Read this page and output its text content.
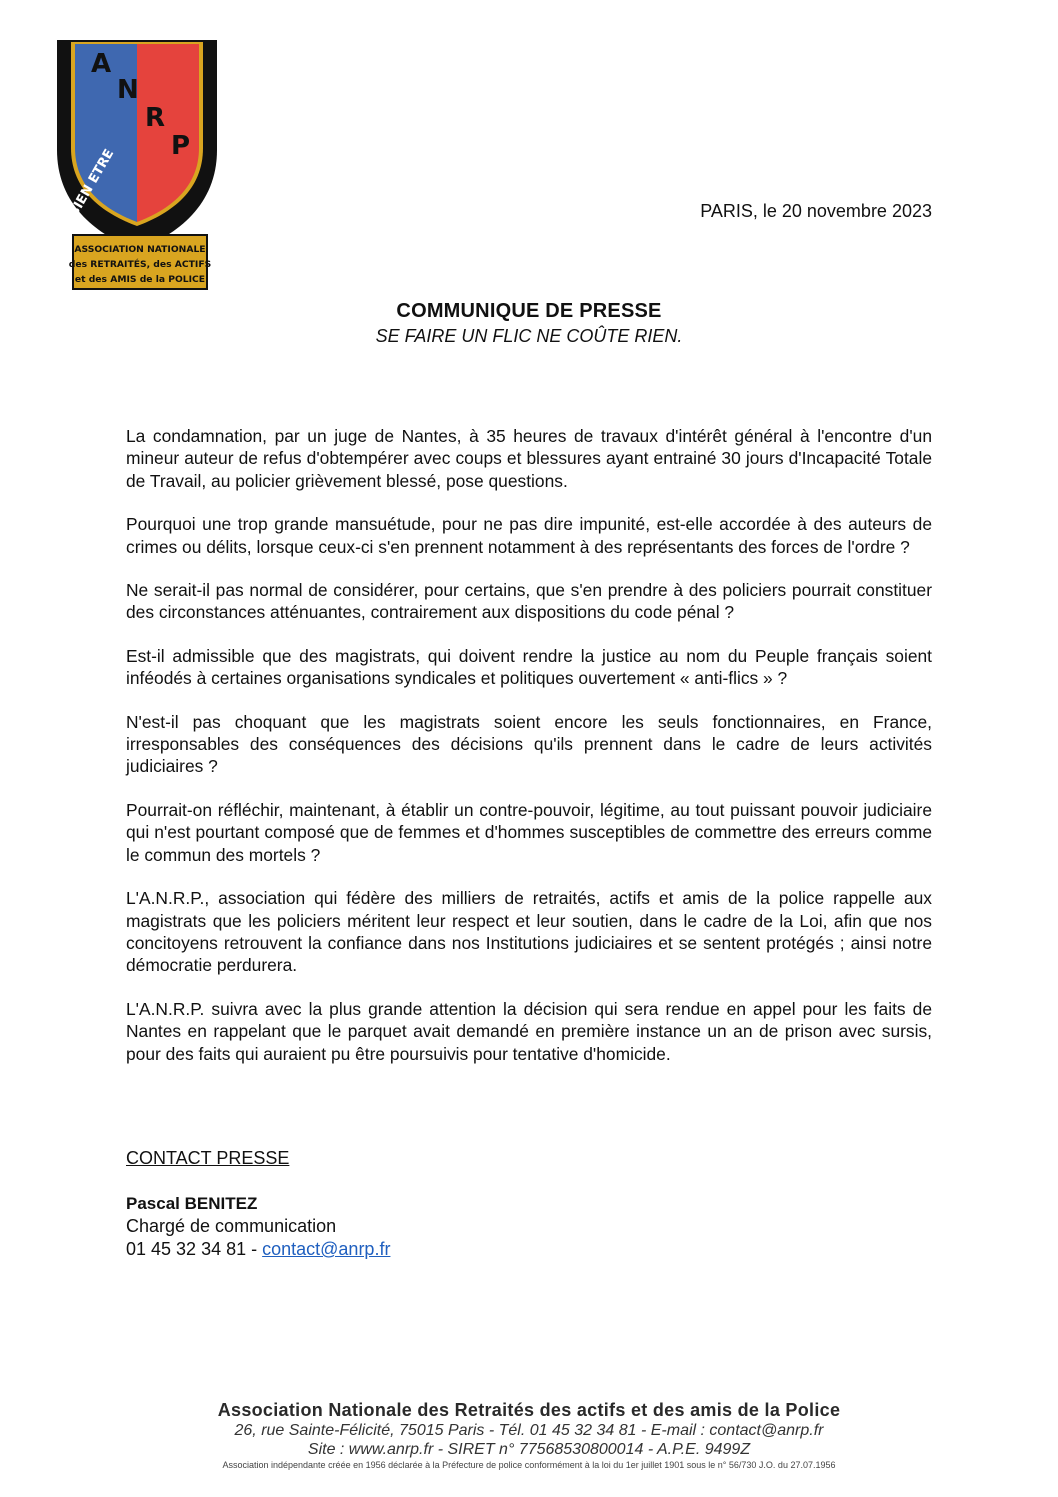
A
N
R
P
BIEN ETRE	SOLIDARITE
ASSOCIATION NATIONALE
des RETRAITÉS, des ACTIFS
et des AMIS de la POLICE
PARIS, le 20 novembre 2023
COMMUNIQUE DE PRESSE
SE FAIRE UN FLIC NE COÛTE RIEN.

La condamnation, par un juge de Nantes, à 35 heures de travaux d'intérêt général à l'encontre d'un mineur auteur de refus d'obtempérer avec coups et blessures ayant entrainé 30 jours d'Incapacité Totale de Travail, au policier grièvement blessé, pose questions.

Pourquoi une trop grande mansuétude, pour ne pas dire impunité, est-elle accordée à des auteurs de crimes ou délits, lorsque ceux-ci s'en prennent notamment à des représentants des forces de l'ordre ?

Ne serait-il pas normal de considérer, pour certains, que s'en prendre à des policiers pourrait constituer des circonstances atténuantes, contrairement aux dispositions du code pénal ?

Est-il admissible que des magistrats, qui doivent rendre la justice au nom du Peuple français soient inféodés à certaines organisations syndicales et politiques ouvertement « anti-flics » ?

N'est-il pas choquant que les magistrats soient encore les seuls fonctionnaires, en France, irresponsables des conséquences des décisions qu'ils prennent dans le cadre de leurs activités judiciaires ?

Pourrait-on réfléchir, maintenant, à établir un contre-pouvoir, légitime, au tout puissant pouvoir judiciaire qui n'est pourtant composé que de femmes et d'hommes susceptibles de commettre des erreurs comme le commun des mortels ?

L'A.N.R.P., association qui fédère des milliers de retraités, actifs et amis de la police rappelle aux magistrats que les policiers méritent leur respect et leur soutien, dans le cadre de la Loi, afin que nos concitoyens retrouvent la confiance dans nos Institutions judiciaires et se sentent protégés ; ainsi notre démocratie perdurera.

L'A.N.R.P. suivra avec la plus grande attention la décision qui sera rendue en appel pour les faits de Nantes en rappelant que le parquet avait demandé en première instance un an de prison avec sursis, pour des faits qui auraient pu être poursuivis pour tentative d'homicide.

CONTACT PRESSE
Pascal BENITEZ
Chargé de communication
01 45 32 34 81 - contact@anrp.fr
Association Nationale des Retraités des actifs et des amis de la Police
26, rue Sainte-Félicité, 75015 Paris - Tél. 01 45 32 34 81 - E-mail : contact@anrp.fr
Site : www.anrp.fr - SIRET n° 77568530800014 - A.P.E. 9499Z
Association indépendante créée en 1956 déclarée à la Préfecture de police conformément à la loi du 1er juillet 1901 sous le n° 56/730 J.O. du 27.07.1956
